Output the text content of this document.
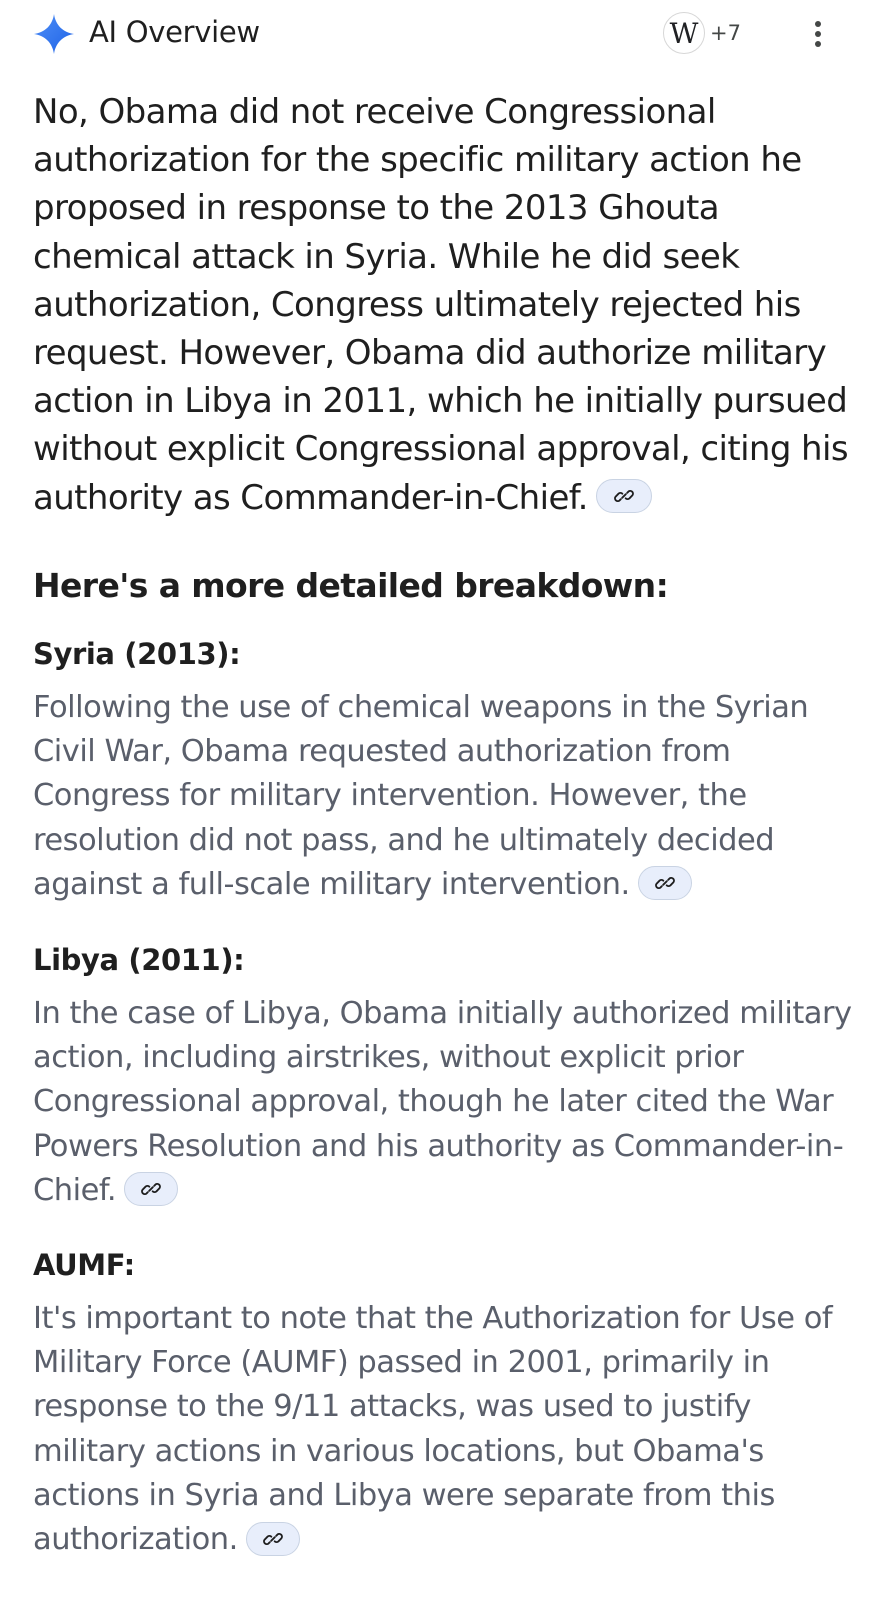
AI Overview	W +7
No, Obama did not receive Congressional authorization for the specific military action he proposed in response to the 2013 Ghouta chemical attack in Syria. While he did seek authorization, Congress ultimately rejected his request. However, Obama did authorize military action in Libya in 2011, which he initially pursued without explicit Congressional approval, citing his authority as Commander-in-Chief.
Here's a more detailed breakdown:
Syria (2013):
Following the use of chemical weapons in the Syrian Civil War, Obama requested authorization from Congress for military intervention. However, the resolution did not pass, and he ultimately decided against a full-scale military intervention.
Libya (2011):
In the case of Libya, Obama initially authorized military action, including airstrikes, without explicit prior Congressional approval, though he later cited the War Powers Resolution and his authority as Commander-in-Chief.
AUMF:
It's important to note that the Authorization for Use of Military Force (AUMF) passed in 2001, primarily in response to the 9/11 attacks, was used to justify military actions in various locations, but Obama's actions in Syria and Libya were separate from this authorization.
